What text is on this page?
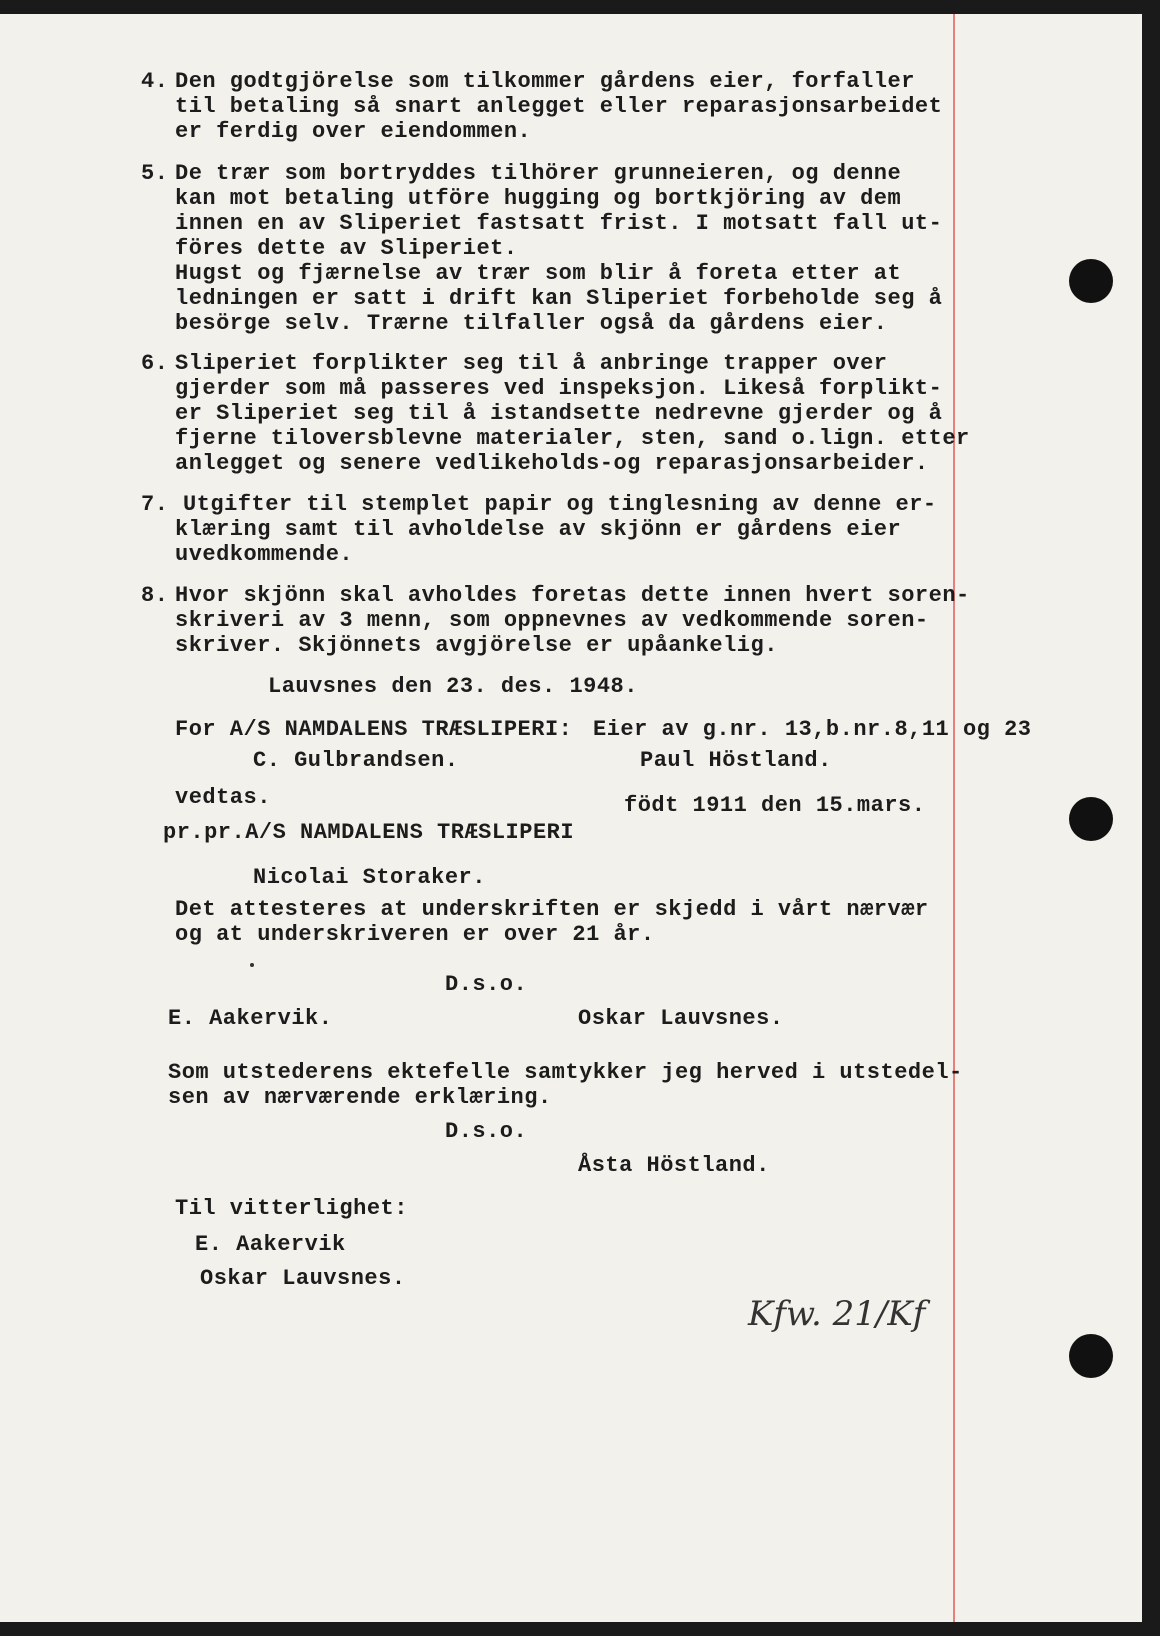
4. Den godtgjörelse som tilkommer gårdens eier, forfaller
til betaling så snart anlegget eller reparasjonsarbeidet
er ferdig over eiendommen.
5. De trær som bortryddes tilhörer grunneieren, og denne
kan mot betaling utföre hugging og bortkjöring av dem
innen en av Sliperiet fastsatt frist. I motsatt fall ut-
föres dette av Sliperiet.
Hugst og fjærnelse av trær som blir å foreta etter at
ledningen er satt i drift kan Sliperiet forbeholde seg å
besörge selv. Trærne tilfaller også da gårdens eier.
6. Sliperiet forplikter seg til å anbringe trapper over
gjerder som må passeres ved inspeksjon. Likeså forplikt-
er Sliperiet seg til å istandsette nedrevne gjerder og å
fjerne tiloversblevne materialer, sten, sand o.lign. etter
anlegget og senere vedlikeholds-og reparasjonsarbeider.
7. Utgifter til stemplet papir og tinglesning av denne er-
klæring samt til avholdelse av skjönn er gårdens eier
uvedkommende.
8. Hvor skjönn skal avholdes foretas dette innen hvert soren-
skriveri av 3 menn, som oppnevnes av vedkommende soren-
skriver. Skjönnets avgjörelse er upåankelig.
Lauvsnes den 23. des. 1948.
For A/S NAMDALENS TRÆSLIPERI: Eier av g.nr. 13,b.nr.8,11 og 23
C. Gulbrandsen.	Paul Höstland.
vedtas.	födt 1911 den 15.mars.
pr.pr.A/S NAMDALENS TRÆSLIPERI
Nicolai Storaker.
Det attesteres at underskriften er skjedd i vårt nærvær
og at underskriveren er over 21 år.
D.s.o.
E. Aakervik.	Oskar Lauvsnes.
Som utstederens ektefelle samtykker jeg herved i utstedel-
sen av nærværende erklæring.
D.s.o.
Åsta Höstland.
Til vitterlighet:
E. Aakervik
Oskar Lauvsnes.
Kfw. 21/Kf
